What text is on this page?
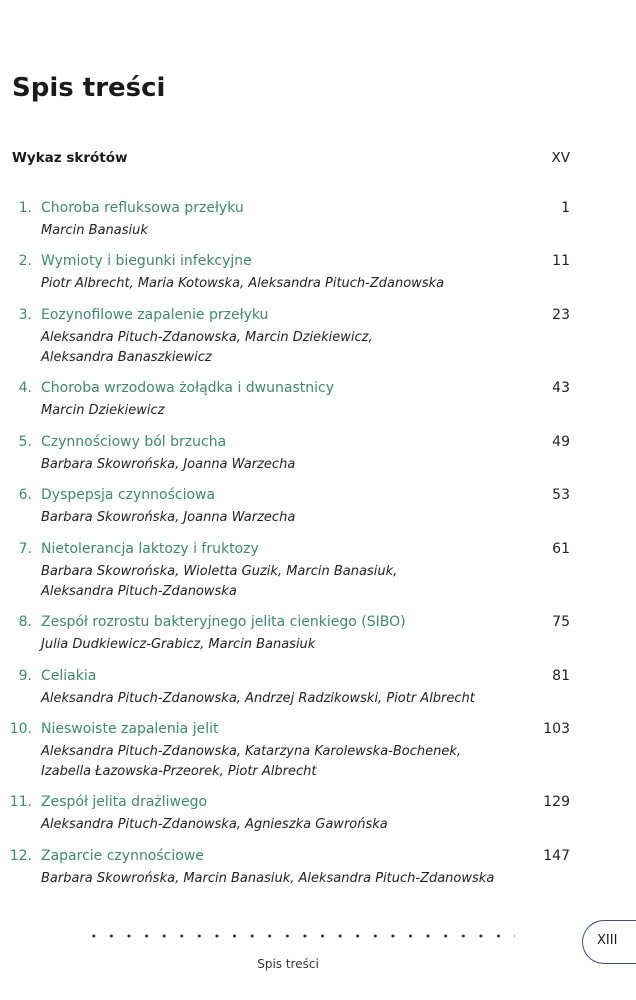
Spis treści
Wykaz skrótów	XV
1. Choroba refluksowa przełyku
Marcin Banasiuk
1
2. Wymioty i biegunki infekcyjne
Piotr Albrecht, Maria Kotowska, Aleksandra Pituch-Zdanowska
11
3. Eozynofilowe zapalenie przełyku
Aleksandra Pituch-Zdanowska, Marcin Dziekiewicz,
Aleksandra Banaszkiewicz
23
4. Choroba wrzodowa żołądka i dwunastnicy
Marcin Dziekiewicz
43
5. Czynnościowy ból brzucha
Barbara Skowrońska, Joanna Warzecha
49
6. Dyspepsja czynnościowa
Barbara Skowrońska, Joanna Warzecha
53
7. Nietolerancja laktozy i fruktozy
Barbara Skowrońska, Wioletta Guzik, Marcin Banasiuk,
Aleksandra Pituch-Zdanowska
61
8. Zespół rozrostu bakteryjnego jelita cienkiego (SIBO)
Julia Dudkiewicz-Grabicz, Marcin Banasiuk
75
9. Celiakia
Aleksandra Pituch-Zdanowska, Andrzej Radzikowski, Piotr Albrecht
81
10. Nieswoiste zapalenia jelit
Aleksandra Pituch-Zdanowska, Katarzyna Karolewska-Bochenek,
Izabella Łazowska-Przeorek, Piotr Albrecht
103
11. Zespół jelita drażliwego
Aleksandra Pituch-Zdanowska, Agnieszka Gawrońska
129
12. Zaparcie czynnościowe
Barbara Skowrońska, Marcin Banasiuk, Aleksandra Pituch-Zdanowska
147
Spis treści
XIII
